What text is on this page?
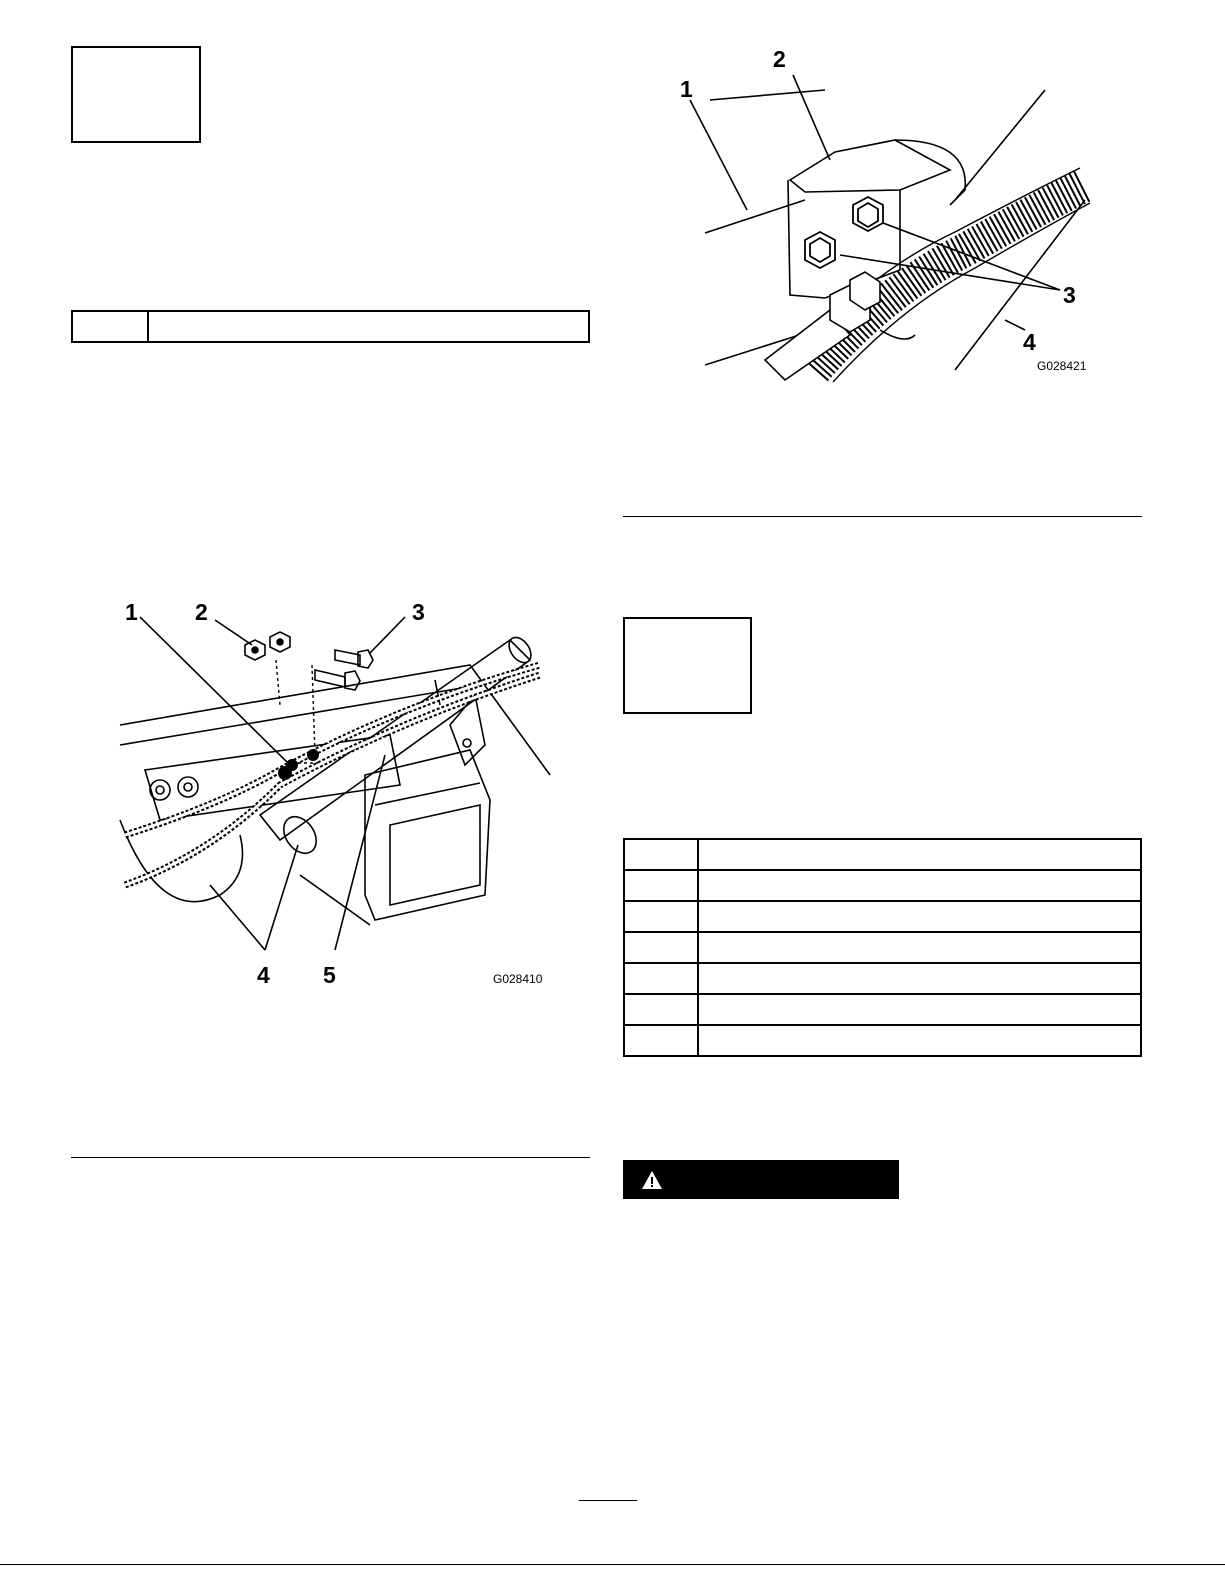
1 2	3
4 5	G028410
1
2
3
4
G028421
